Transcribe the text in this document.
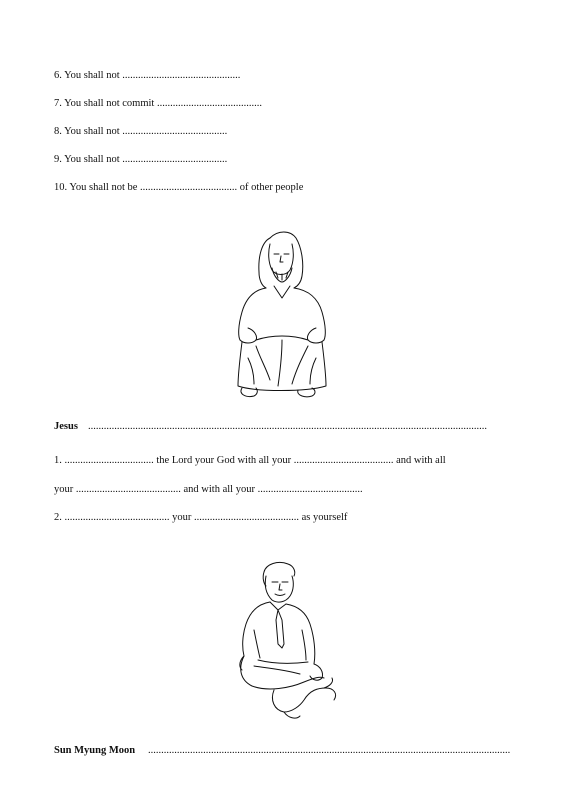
6. You shall not .............................................
7. You shall not commit ........................................
8. You shall not ........................................
9. You shall not ........................................
10. You shall not be ..................................... of other people
Jesus ........................................................................................................................................................
1. .................................. the Lord your God with all your ...................................... and with all
your ........................................ and with all your ........................................
2. ........................................ your ........................................ as yourself
Sun Myung Moon ..........................................................................................................................................
